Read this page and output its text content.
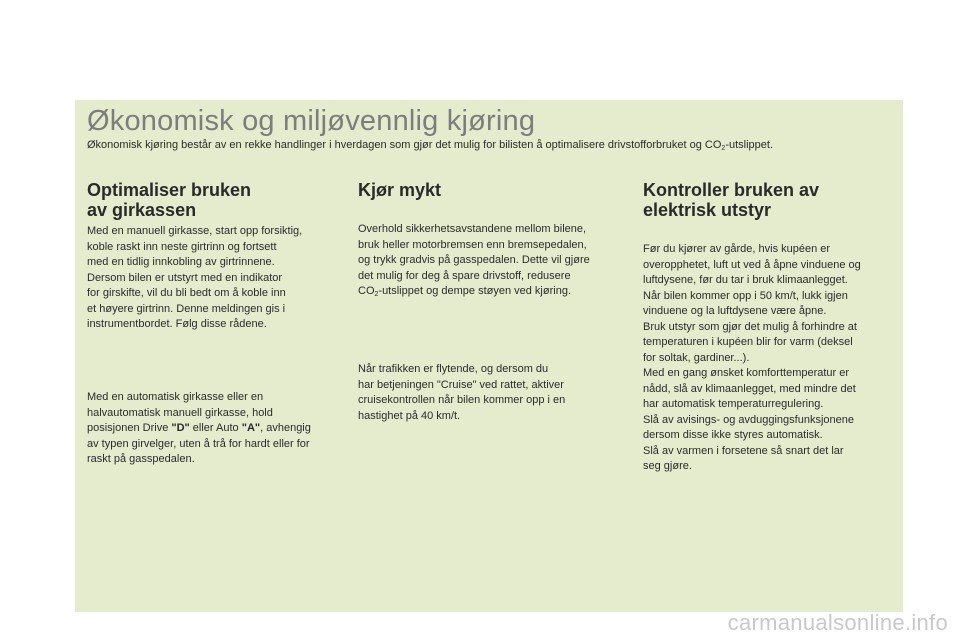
Økonomisk og miljøvennlig kjøring

Økonomisk kjøring består av en rekke handlinger i hverdagen som gjør det mulig for bilisten å optimalisere drivstofforbruket og $CO_2$-utslippet.

Optimaliser bruken
av girkassen

Med en manuell girkasse, start opp forsiktig,
koble raskt inn neste girtrinn og fortsett
med en tidlig innkobling av girtrinnene.
Dersom bilen er utstyrt med en indikator
for girskifte, vil du bli bedt om å koble inn
et høyere girtrinn. Denne meldingen gis i
instrumentbordet. Følg disse rådene.

Med en automatisk girkasse eller en
halvautomatisk manuell girkasse, hold
posisjonen Drive "D" eller Auto "A", avhengig
av typen girvelger, uten å trå for hardt eller for
raskt på gasspedalen.

Kjør mykt

Overhold sikkerhetsavstandene mellom bilene,
bruk heller motorbremsen enn bremsepedalen,
og trykk gradvis på gasspedalen. Dette vil gjøre
det mulig for deg å spare drivstoff, redusere
$CO_2$-utslippet og dempe støyen ved kjøring.

Når trafikken er flytende, og dersom du
har betjeningen "Cruise" ved rattet, aktiver
cruisekontrollen når bilen kommer opp i en
hastighet på 40 km/t.

Kontroller bruken av
elektrisk utstyr

Før du kjører av gårde, hvis kupéen er
overopphetet, luft ut ved å åpne vinduene og
luftdysene, før du tar i bruk klimaanlegget.
Når bilen kommer opp i 50 km/t, lukk igjen
vinduene og la luftdysene være åpne.
Bruk utstyr som gjør det mulig å forhindre at
temperaturen i kupéen blir for varm (deksel
for soltak, gardiner...).
Med en gang ønsket komforttemperatur er
nådd, slå av klimaanlegget, med mindre det
har automatisk temperaturregulering.
Slå av avisings- og avduggingsfunksjonene
dersom disse ikke styres automatisk.
Slå av varmen i forsetene så snart det lar
seg gjøre.

carmanualsonline.info
